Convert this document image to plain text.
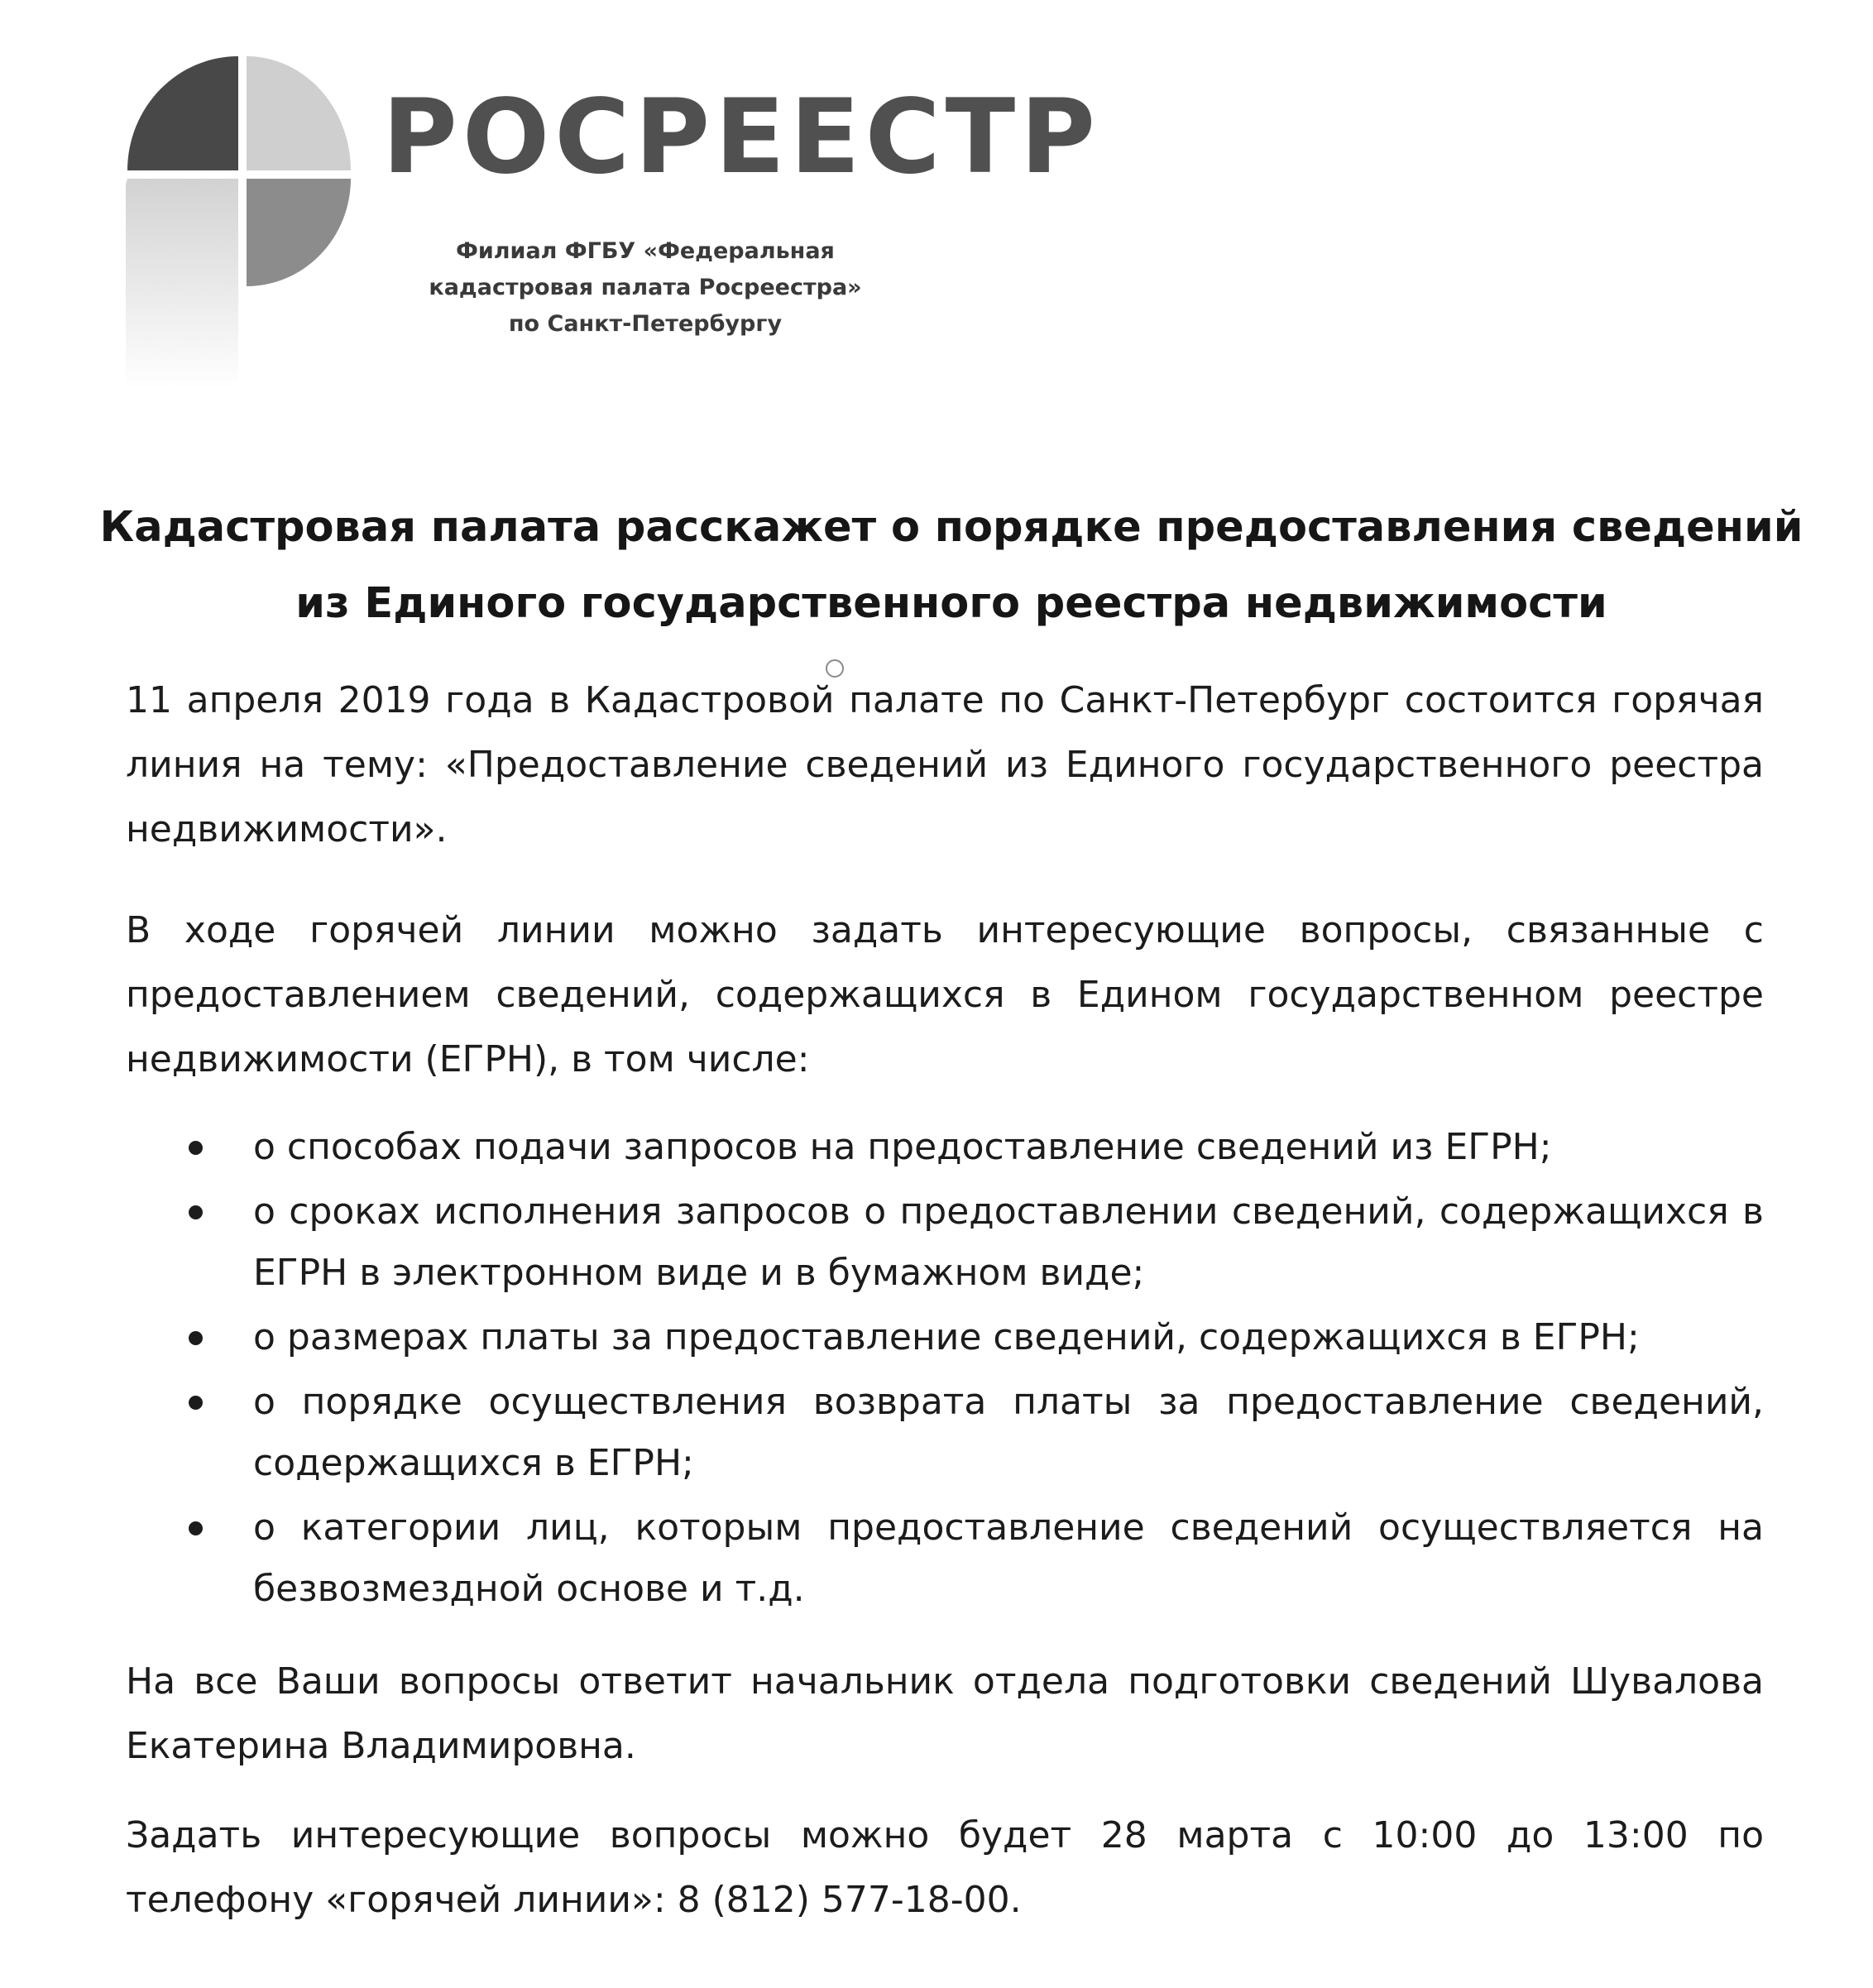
РОСРЕЕСТР
Филиал ФГБУ «Федеральная
кадастровая палата Росреестра»
по Санкт-Петербургу
Кадастровая палата расскажет о порядке предоставления сведений
из Единого государственного реестра недвижимости

11 апреля 2019 года в Кадастровой палате по Санкт-Петербург состоится горячая линия на тему: «Предоставление сведений из Единого государственного реестра недвижимости».

В ходе горячей линии можно задать интересующие вопросы, связанные с предоставлением сведений, содержащихся в Едином государственном реестре недвижимости (ЕГРН), в том числе:

о способах подачи запросов на предоставление сведений из ЕГРН;
о сроках исполнения запросов о предоставлении сведений, содержащихся в ЕГРН в электронном виде и в бумажном виде;
о размерах платы за предоставление сведений, содержащихся в ЕГРН;
о порядке осуществления возврата платы за предоставление сведений, содержащихся в ЕГРН;
о категории лиц, которым предоставление сведений осуществляется на безвозмездной основе и т.д.

На все Ваши вопросы ответит начальник отдела подготовки сведений Шувалова Екатерина Владимировна.

Задать интересующие вопросы можно будет 28 марта с 10:00 до 13:00 по телефону «горячей линии»: 8 (812) 577-18-00.
